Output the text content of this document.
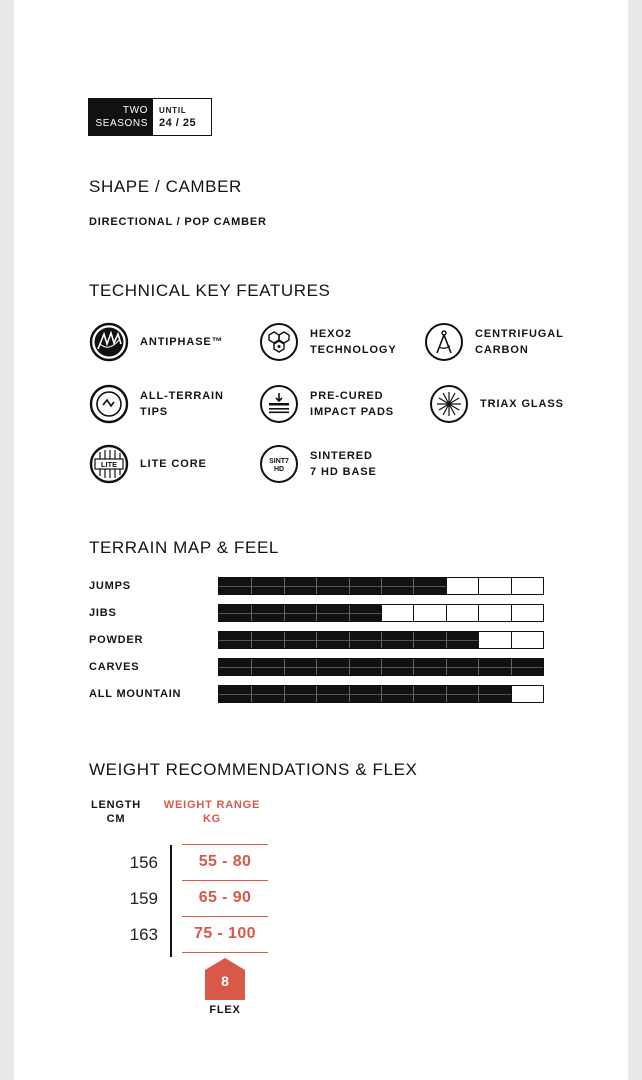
TWO
SEASONS
UNTIL
24 / 25
SHAPE / CAMBER
DIRECTIONAL / POP CAMBER
TECHNICAL KEY FEATURES
ANTIPHASE™
HEXO2
TECHNOLOGY
CENTRIFUGAL
CARBON
ALL-TERRAIN
TIPS
PRE-CURED
IMPACT PADS
TRIAX GLASS
LITE LITE CORE	SINT7
HD
SINTERED
7 HD BASE
TERRAIN MAP & FEEL
JUMPS
JIBS
POWDER
CARVES
ALL MOUNTAIN
WEIGHT RECOMMENDATIONS & FLEX
LENGTH
CM
WEIGHT RANGE
KG
156	55 - 80
159	65 - 90
163	75 - 100
8
FLEX
